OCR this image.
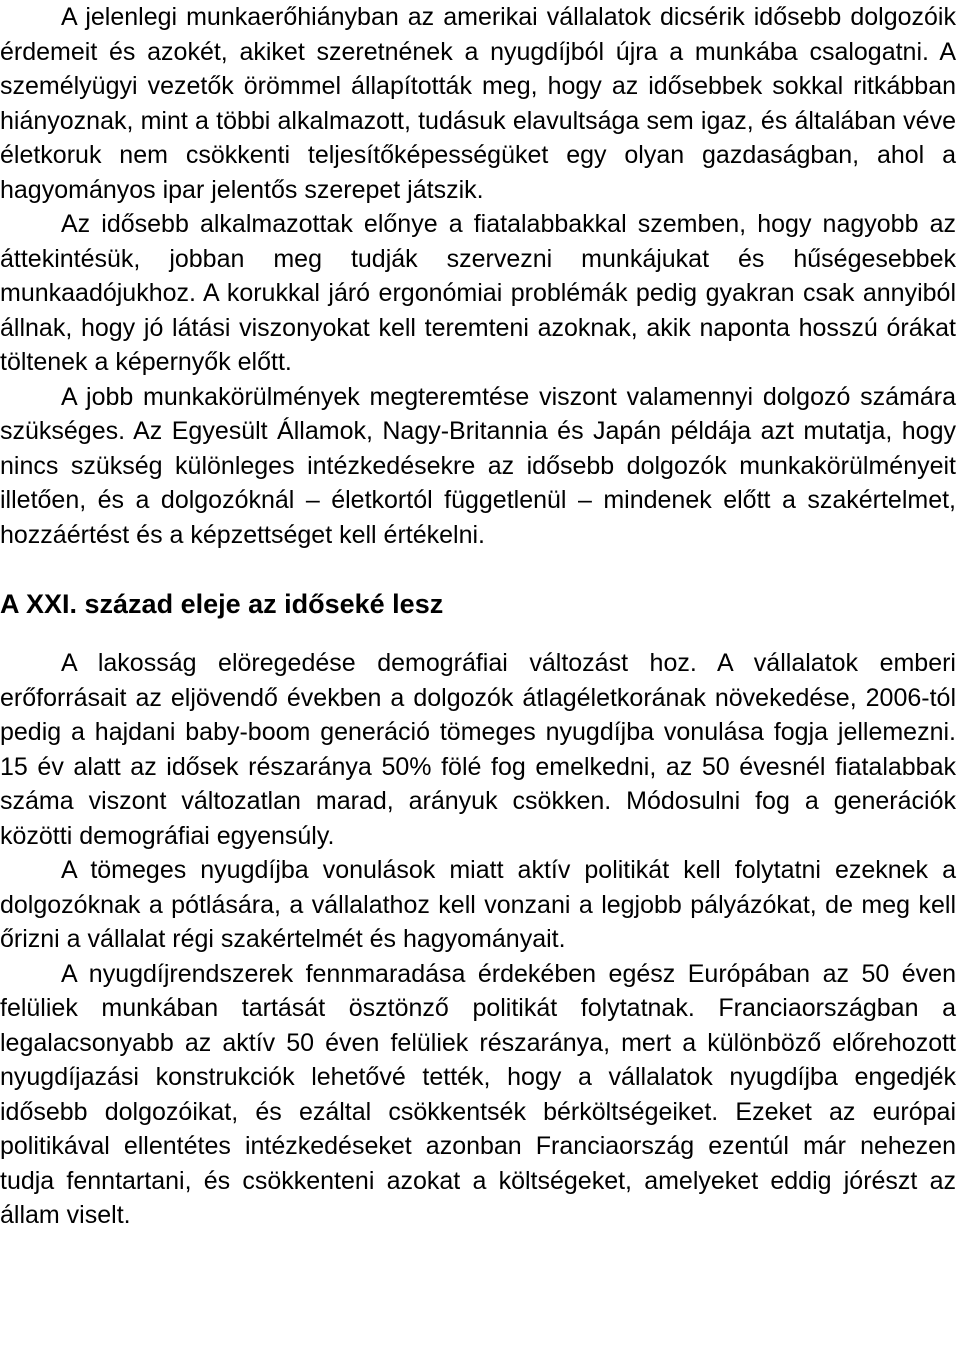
A jelenlegi munkaerőhiányban az amerikai vállalatok dicsérik idősebb dolgozóik érdemeit és azokét, akiket szeretnének a nyugdíjból újra a munkába csalogatni. A személyügyi vezetők örömmel állapították meg, hogy az idősebbek sokkal ritkábban hiányoznak, mint a többi alkalmazott, tudásuk elavultsága sem igaz, és általában véve életkoruk nem csökkenti teljesítőképességüket egy olyan gazdaságban, ahol a hagyományos ipar jelentős szerepet játszik.

Az idősebb alkalmazottak előnye a fiatalabbakkal szemben, hogy nagyobb az áttekintésük, jobban meg tudják szervezni munkájukat és hűségesebbek munkaadójukhoz. A korukkal járó ergonómiai problémák pedig gyakran csak annyiból állnak, hogy jó látási viszonyokat kell teremteni azoknak, akik naponta hosszú órákat töltenek a képernyők előtt.

A jobb munkakörülmények megteremtése viszont valamennyi dolgozó számára szükséges. Az Egyesült Államok, Nagy-Britannia és Japán példája azt mutatja, hogy nincs szükség különleges intézkedésekre az idősebb dolgozók munkakörülményeit illetően, és a dolgozóknál – életkortól függetlenül – mindenek előtt a szakértelmet, hozzáértést és a képzettséget kell értékelni.

A XXI. század eleje az időseké lesz

A lakosság elöregedése demográfiai változást hoz. A vállalatok emberi erőforrásait az eljövendő években a dolgozók átlagéletkorának növekedése, 2006-tól pedig a hajdani baby-boom generáció tömeges nyugdíjba vonulása fogja jellemezni. 15 év alatt az idősek részaránya 50% fölé fog emelkedni, az 50 évesnél fiatalabbak száma viszont változatlan marad, arányuk csökken. Módosulni fog a generációk közötti demográfiai egyensúly.

A tömeges nyugdíjba vonulások miatt aktív politikát kell folytatni ezeknek a dolgozóknak a pótlására, a vállalathoz kell vonzani a legjobb pályázókat, de meg kell őrizni a vállalat régi szakértelmét és hagyományait.

A nyugdíjrendszerek fennmaradása érdekében egész Európában az 50 éven felüliek munkában tartását ösztönző politikát folytatnak. Franciaországban a legalacsonyabb az aktív 50 éven felüliek részaránya, mert a különböző előrehozott nyugdíjazási konstrukciók lehetővé tették, hogy a vállalatok nyugdíjba engedjék idősebb dolgozóikat, és ezáltal csökkentsék bérköltségeiket. Ezeket az európai politikával ellentétes intézkedéseket azonban Franciaország ezentúl már nehezen tudja fenntartani, és csökkenteni azokat a költségeket, amelyeket eddig jórészt az állam viselt.
